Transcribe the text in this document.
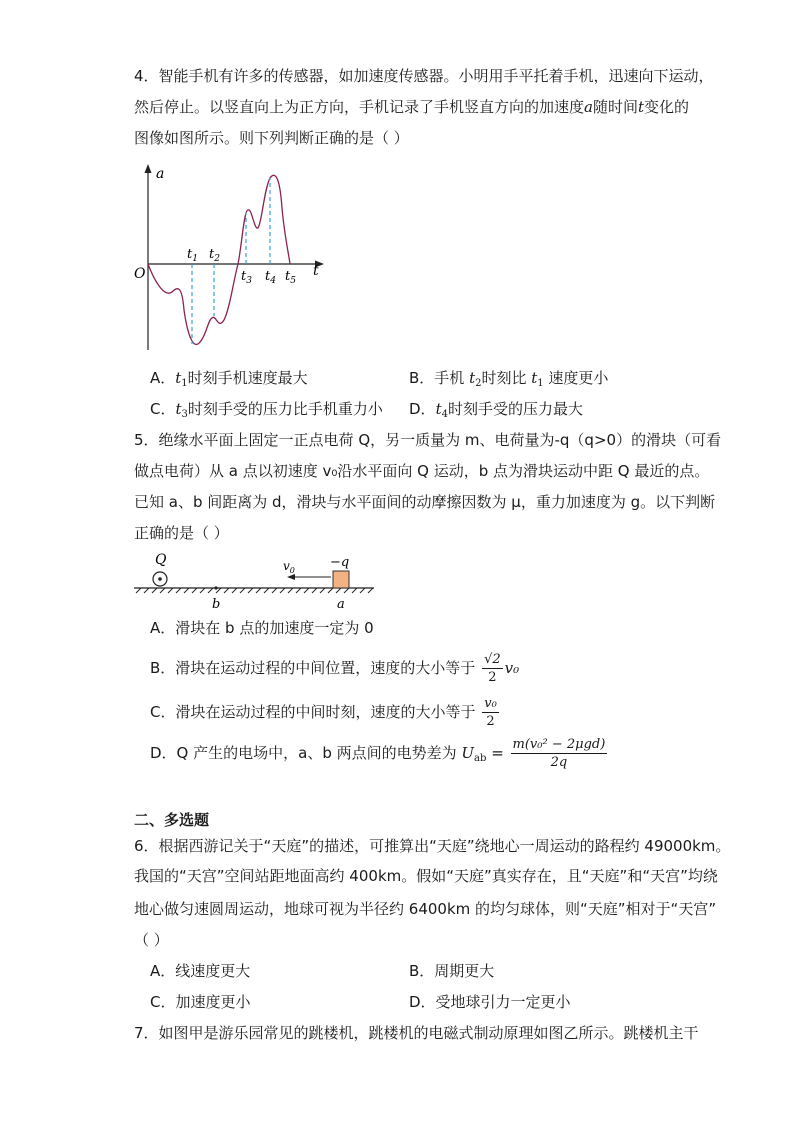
4．智能手机有许多的传感器，如加速度传感器。小明用手平托着手机，迅速向下运动，
然后停止。以竖直向上为正方向，手机记录了手机竖直方向的加速度a随时间t变化的
图像如图所示。则下列判断正确的是（ ）
a
t
O
$t_1$ $t_2$
$t_3$ $t_4$ $t_5$
A．$t_1$时刻手机速度最大	B．手机 $t_2$时刻比 $t_1$ 速度更小
C．$t_3$时刻手受的压力比手机重力小 D．$t_4$时刻手受的压力最大
5．绝缘水平面上固定一正点电荷 Q，另一质量为 m、电荷量为-q（q>0）的滑块（可看
做点电荷）从 a 点以初速度 v₀沿水平面向 Q 运动，b 点为滑块运动中距 Q 最近的点。
已知 a、b 间距离为 d，滑块与水平面间的动摩擦因数为 μ，重力加速度为 g。以下判断
正确的是（ ）
Q
b
−q
a
$v_0$
A．滑块在 b 点的加速度一定为 0
B．滑块在运动过程的中间位置，速度的大小等于 $\frac{√2}{2} v_0$
C．滑块在运动过程的中间时刻，速度的大小等于 $\frac{\text{v₀}}{2}$
D．Q 产生的电场中，a、b 两点间的电势差为 $U_{ab} = \frac{\text{m(v₀² − 2μgd)}}{2q}$
二、多选题
6．根据西游记关于“天庭”的描述，可推算出“天庭”绕地心一周运动的路程约 49000km。
我国的“天宫”空间站距地面高约 400km。假如“天庭”真实存在，且“天庭”和“天宫”均绕
地心做匀速圆周运动，地球可视为半径约 6400km 的均匀球体，则“天庭”相对于“天宫”
（ ）
A．线速度更大	B．周期更大
C．加速度更小	D．受地球引力一定更小
7．如图甲是游乐园常见的跳楼机，跳楼机的电磁式制动原理如图乙所示。跳楼机主干
